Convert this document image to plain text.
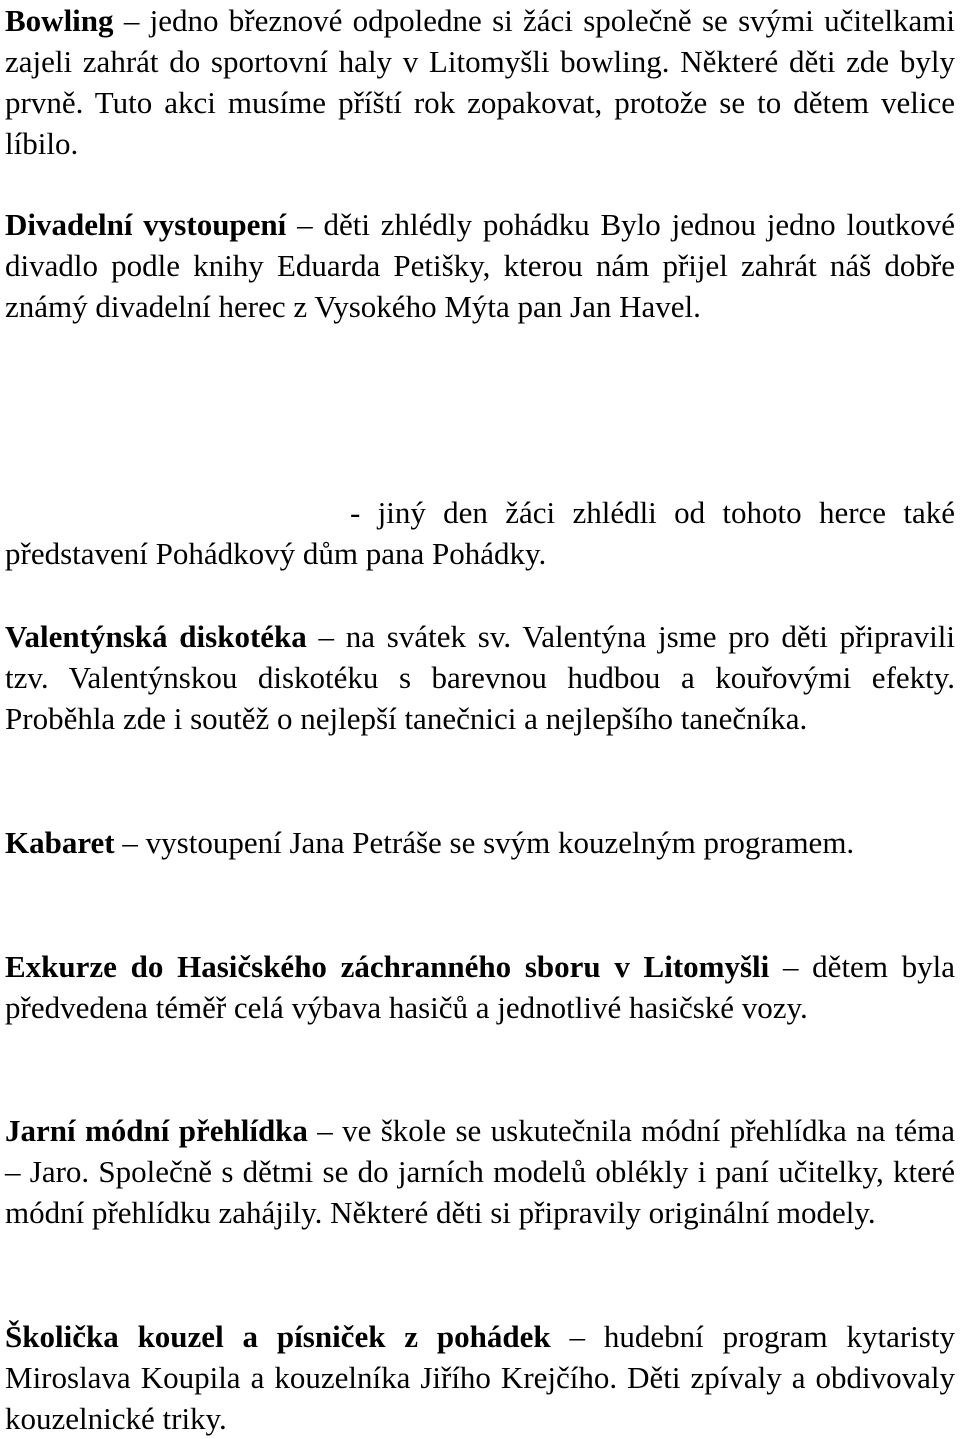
Bowling – jedno březnové odpoledne si žáci společně se svými učitelkami zajeli zahrát do sportovní haly v Litomyšli bowling. Některé děti zde byly prvně. Tuto akci musíme příští rok zopakovat, protože se to dětem velice líbilo.

Divadelní vystoupení – děti zhlédly pohádku Bylo jednou jedno loutkové divadlo podle knihy Eduarda Petišky, kterou nám přijel zahrát náš dobře známý divadelní herec z Vysokého Mýta pan Jan Havel.

- jiný den žáci zhlédli od tohoto herce také představení Pohádkový dům pana Pohádky.

Valentýnská diskotéka – na svátek sv. Valentýna jsme pro děti připravili tzv. Valentýnskou diskotéku s barevnou hudbou a kouřovými efekty. Proběhla zde i soutěž o nejlepší tanečnici a nejlepšího tanečníka.

Kabaret – vystoupení Jana Petráše se svým kouzelným programem.

Exkurze do Hasičského záchranného sboru v Litomyšli – dětem byla předvedena téměř celá výbava hasičů a jednotlivé hasičské vozy.

Jarní módní přehlídka – ve škole se uskutečnila módní přehlídka na téma – Jaro. Společně s dětmi se do jarních modelů oblékly i paní učitelky, které módní přehlídku zahájily. Některé děti si připravily originální modely.

Školička kouzel a písniček z pohádek – hudební program kytaristy Miroslava Koupila a kouzelníka Jiřího Krejčího. Děti zpívaly a obdivovaly kouzelnické triky.
